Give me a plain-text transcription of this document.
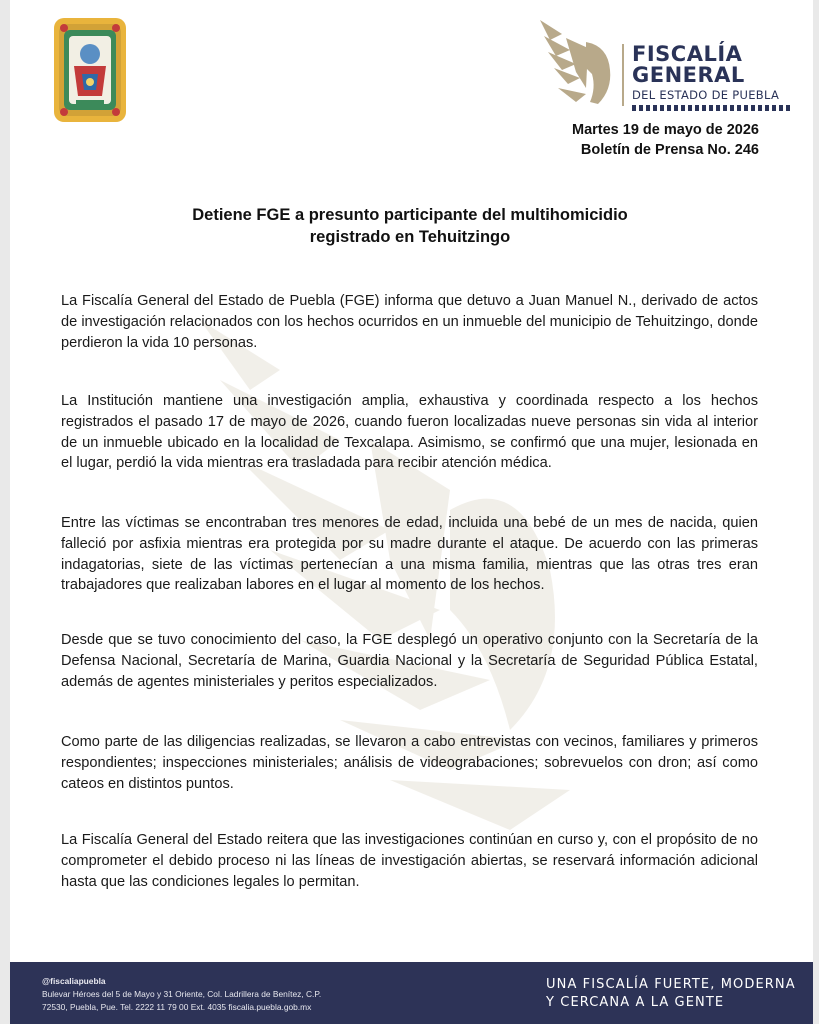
FISCALÍA
GENERAL
DEL ESTADO DE PUEBLA
Martes 19 de mayo de 2026
Boletín de Prensa No. 246
Detiene FGE a presunto participante del multihomicidio
registrado en Tehuitzingo
La Fiscalía General del Estado de Puebla (FGE) informa que detuvo a Juan Manuel N., derivado de actos de investigación relacionados con los hechos ocurridos en un inmueble del municipio de Tehuitzingo, donde perdieron la vida 10 personas.
La Institución mantiene una investigación amplia, exhaustiva y coordinada respecto a los hechos registrados el pasado 17 de mayo de 2026, cuando fueron localizadas nueve personas sin vida al interior de un inmueble ubicado en la localidad de Texcalapa. Asimismo, se confirmó que una mujer, lesionada en el lugar, perdió la vida mientras era trasladada para recibir atención médica.
Entre las víctimas se encontraban tres menores de edad, incluida una bebé de un mes de nacida, quien falleció por asfixia mientras era protegida por su madre durante el ataque. De acuerdo con las primeras indagatorias, siete de las víctimas pertenecían a una misma familia, mientras que las otras tres eran trabajadores que realizaban labores en el lugar al momento de los hechos.
Desde que se tuvo conocimiento del caso, la FGE desplegó un operativo conjunto con la Secretaría de la Defensa Nacional, Secretaría de Marina, Guardia Nacional y la Secretaría de Seguridad Pública Estatal, además de agentes ministeriales y peritos especializados.
Como parte de las diligencias realizadas, se llevaron a cabo entrevistas con vecinos, familiares y primeros respondientes; inspecciones ministeriales; análisis de videograbaciones; sobrevuelos con dron; así como cateos en distintos puntos.
La Fiscalía General del Estado reitera que las investigaciones continúan en curso y, con el propósito de no comprometer el debido proceso ni las líneas de investigación abiertas, se reservará información adicional hasta que las condiciones legales lo permitan.
@fiscaliapuebla
Bulevar Héroes del 5 de Mayo y 31 Oriente, Col. Ladrillera de Benítez, C.P.
72530, Puebla, Pue. Tel. 2222 11 79 00 Ext. 4035 fiscalia.puebla.gob.mx
UNA FISCALÍA FUERTE, MODERNA
Y CERCANA A LA GENTE
